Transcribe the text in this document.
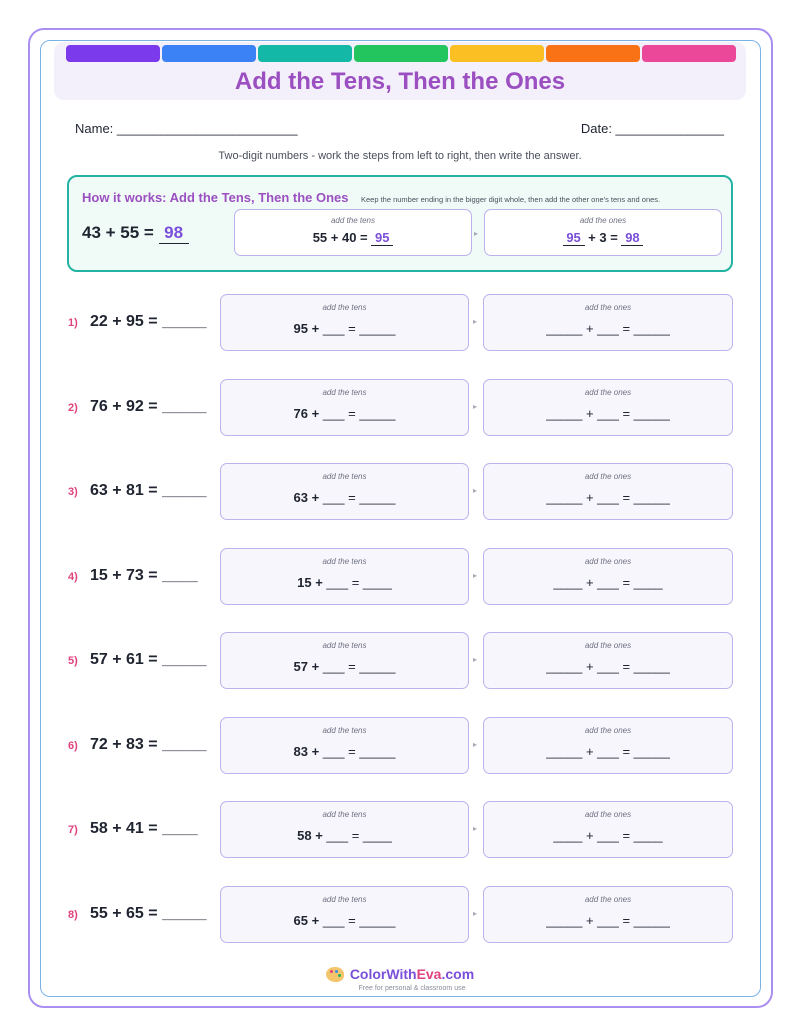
Add the Tens, Then the Ones
Name: _________________________	Date: _______________
Two-digit numbers - work the steps from left to right, then write the answer.
How it works: Add the Tens, Then the Ones Keep the number ending in the bigger digit whole, then add the other one's tens and ones.
43 + 55 = 98
add the tens
55 + 40 = 95	▸
add the ones
95 + 3 = 98
1) 22 + 95 = _____
add the tens
95 + ___ = _____	▸
add the ones
_____ + ___ = _____
2) 76 + 92 = _____
add the tens
76 + ___ = _____	▸
add the ones
_____ + ___ = _____
3) 63 + 81 = _____
add the tens
63 + ___ = _____	▸
add the ones
_____ + ___ = _____
4) 15 + 73 = ____
add the tens
15 + ___ = ____	▸
add the ones
____ + ___ = ____
5) 57 + 61 = _____
add the tens
57 + ___ = _____	▸
add the ones
_____ + ___ = _____
6) 72 + 83 = _____
add the tens
83 + ___ = _____	▸
add the ones
_____ + ___ = _____
7) 58 + 41 = ____
add the tens
58 + ___ = ____	▸
add the ones
____ + ___ = ____
8) 55 + 65 = _____
add the tens
65 + ___ = _____	▸
add the ones
_____ + ___ = _____
ColorWithEva.com
Free for personal & classroom use
